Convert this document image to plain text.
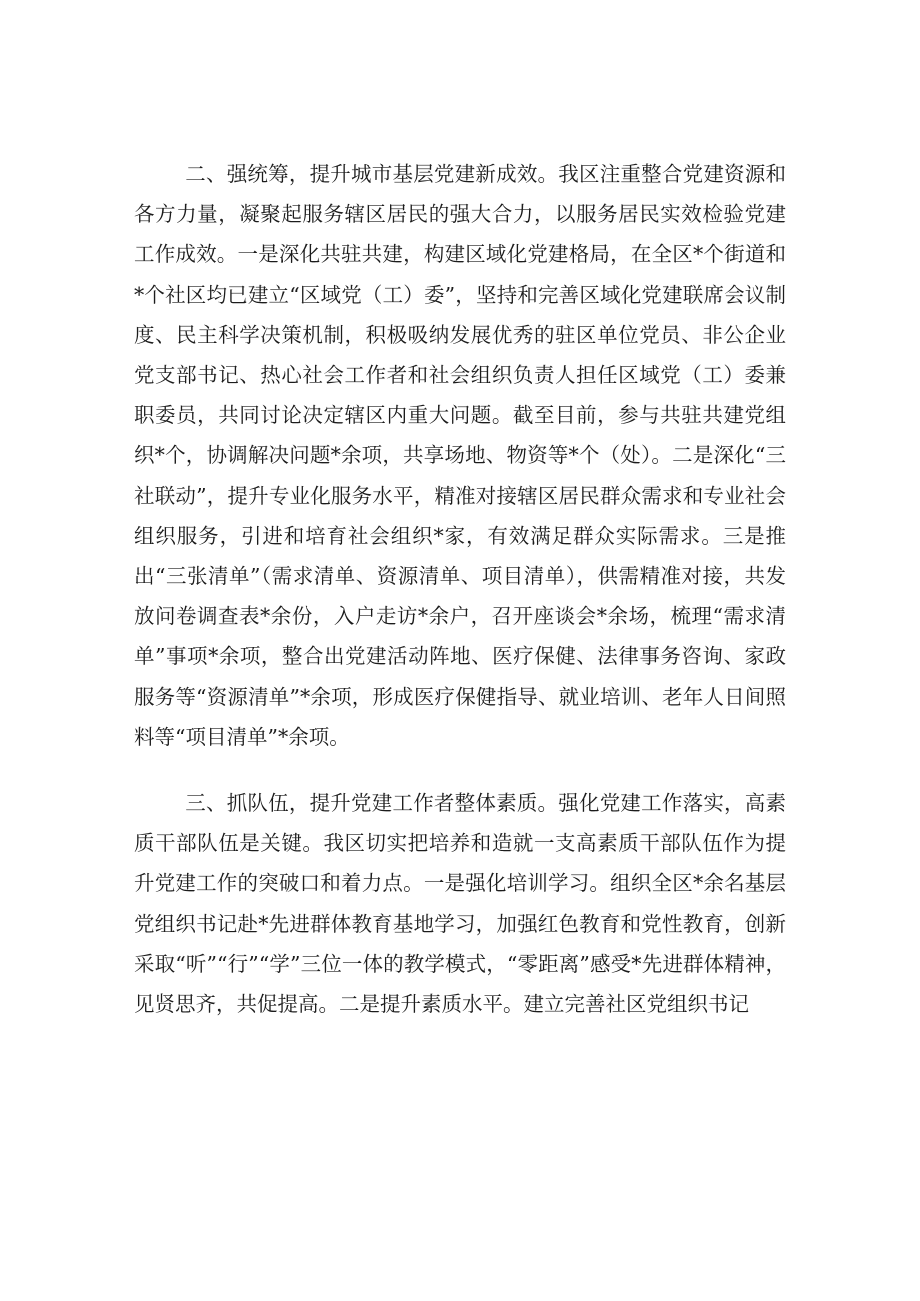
二、强统筹，提升城市基层党建新成效。我区注重整合党建资源和各方力量，凝聚起服务辖区居民的强大合力，以服务居民实效检验党建工作成效。一是深化共驻共建，构建区域化党建格局，在全区*个街道和*个社区均已建立“区域党（工）委”，坚持和完善区域化党建联席会议制度、民主科学决策机制，积极吸纳发展优秀的驻区单位党员、非公企业党支部书记、热心社会工作者和社会组织负责人担任区域党（工）委兼职委员，共同讨论决定辖区内重大问题。截至目前，参与共驻共建党组织*个，协调解决问题*余项，共享场地、物资等*个（处）。二是深化“三社联动”，提升专业化服务水平，精准对接辖区居民群众需求和专业社会组织服务，引进和培育社会组织*家，有效满足群众实际需求。三是推出“三张清单”（需求清单、资源清单、项目清单），供需精准对接，共发放问卷调查表*余份，入户走访*余户，召开座谈会*余场，梳理“需求清单”事项*余项，整合出党建活动阵地、医疗保健、法律事务咨询、家政服务等“资源清单”*余项，形成医疗保健指导、就业培训、老年人日间照料等“项目清单”*余项。

三、抓队伍，提升党建工作者整体素质。强化党建工作落实，高素质干部队伍是关键。我区切实把培养和造就一支高素质干部队伍作为提升党建工作的突破口和着力点。一是强化培训学习。组织全区*余名基层党组织书记赴*先进群体教育基地学习，加强红色教育和党性教育，创新采取“听”“行”“学”三位一体的教学模式，“零距离”感受*先进群体精神，见贤思齐，共促提高。二是提升素质水平。建立完善社区党组织书记
